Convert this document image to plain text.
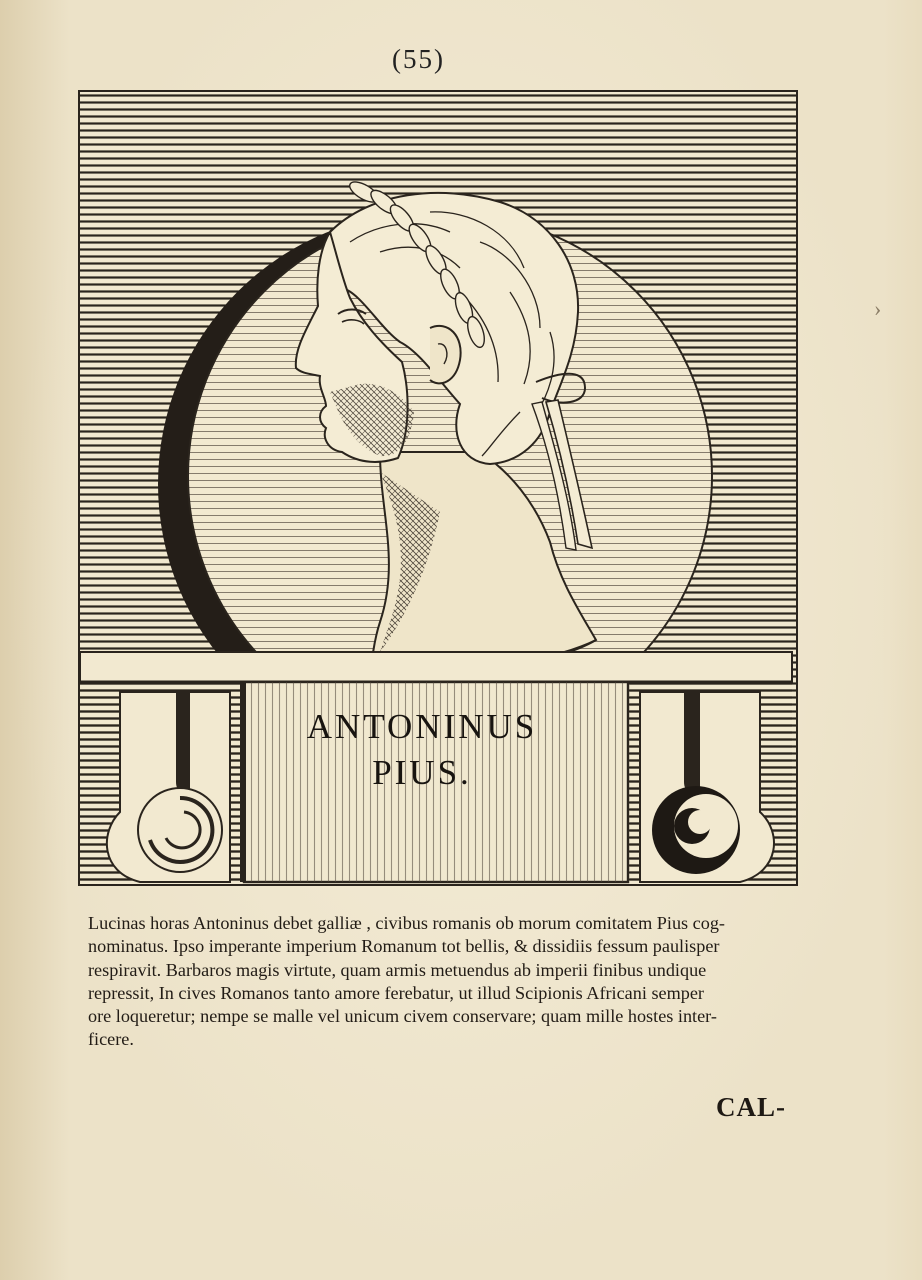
(55)
›
ANTONINUS
PIUS.
Lucinas horas Antoninus debet galliæ , civibus romanis ob morum comitatem Pius cog-
nominatus. Ipso imperante imperium Romanum tot bellis, & dissidiis fessum paulisper
respiravit. Barbaros magis virtute, quam armis metuendus ab imperii finibus undique
repressit, In cives Romanos tanto amore ferebatur, ut illud Scipionis Africani semper
ore loqueretur; nempe se malle vel unicum civem conservare; quam mille hostes inter-
ficere.
CAL-
